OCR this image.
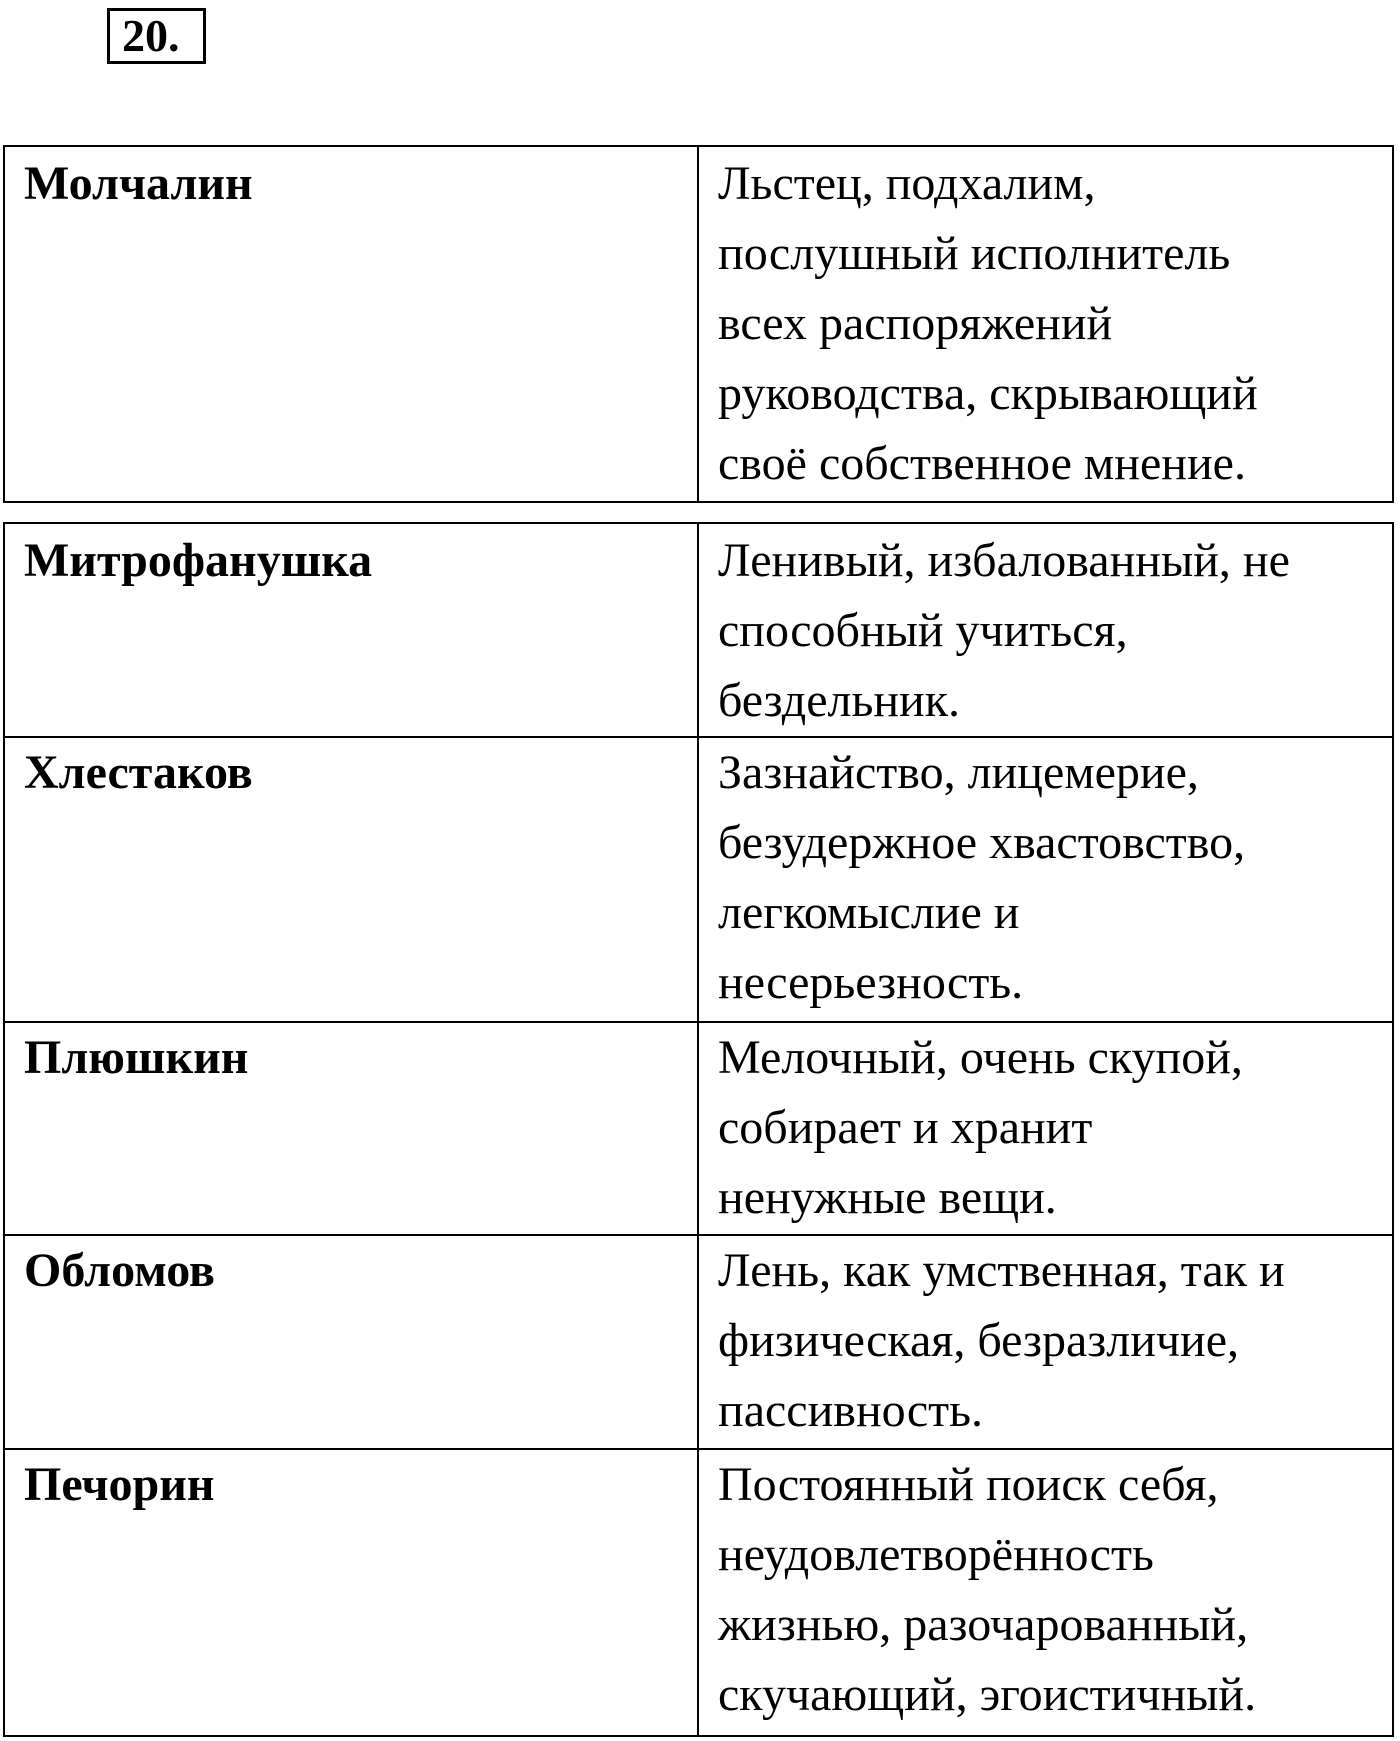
20.
Молчалин	Льстец, подхалим,
послушный исполнитель
всех распоряжений
руководства, скрывающий
своё собственное мнение.
Митрофанушка	Ленивый, избалованный, не
способный учиться,
бездельник.

Хлестаков	Зазнайство, лицемерие,
безудержное хвастовство,
легкомыслие и
несерьезность.

Плюшкин	Мелочный, очень скупой,
собирает и хранит
ненужные вещи.

Обломов	Лень, как умственная, так и
физическая, безразличие,
пассивность.

Печорин	Постоянный поиск себя,
неудовлетворённость
жизнью, разочарованный,
скучающий, эгоистичный.
